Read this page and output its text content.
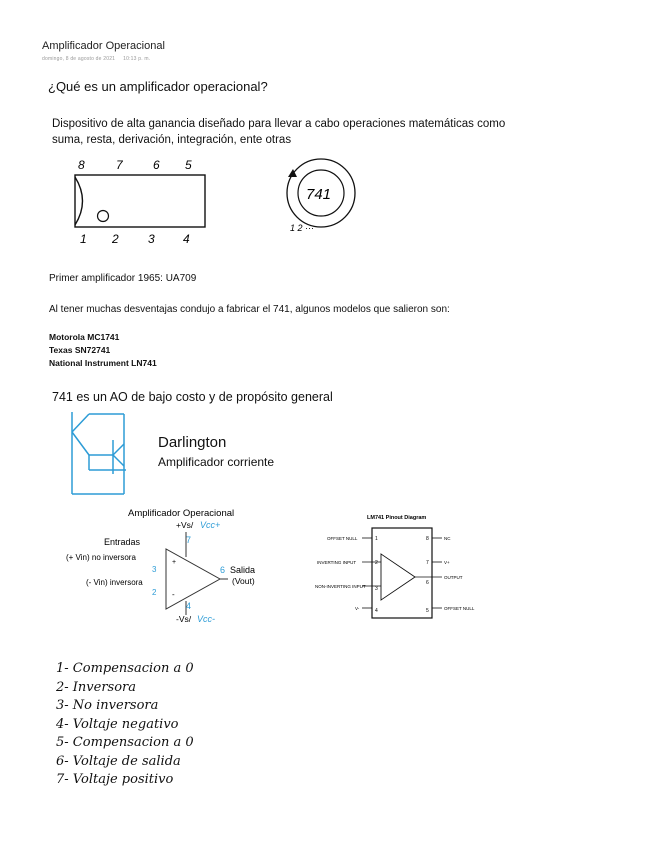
Amplificador Operacional
domingo, 8 de agosto de 2021 10:13 p. m.
¿Qué es un amplificador operacional?
Dispositivo de alta ganancia diseñado para llevar a cabo operaciones matemáticas como
suma, resta, derivación, integración, ente otras
8	7	6 5
1 2 3 4
741
1 2 ···
Primer amplificador 1965: UA709
Al tener muchas desventajas condujo a fabricar el 741, algunos modelos que salieron son:
Motorola MC1741
Texas SN72741
National Instrument LN741
741 es un AO de bajo costo y de propósito general
Darlington
Amplificador corriente
Amplificador Operacional
+Vs/ Vcc+
7
Entradas
(+ Vin) no inversora
(- Vin) inversora
3
2
+
-
6 Salida
(Vout)
4
-Vs/ Vcc-
LM741 Pinout Diagram
OFFSET NULL
INVERTING INPUT
NON-INVERTING INPUT
V-
1
2
3
4
8
7
6
5
NC
V+
OUTPUT
OFFSET NULL
1- Compensacion a 0
2- Inversora
3- No inversora
4- Voltaje negativo
5- Compensacion a 0
6- Voltaje de salida
7- Voltaje positivo
